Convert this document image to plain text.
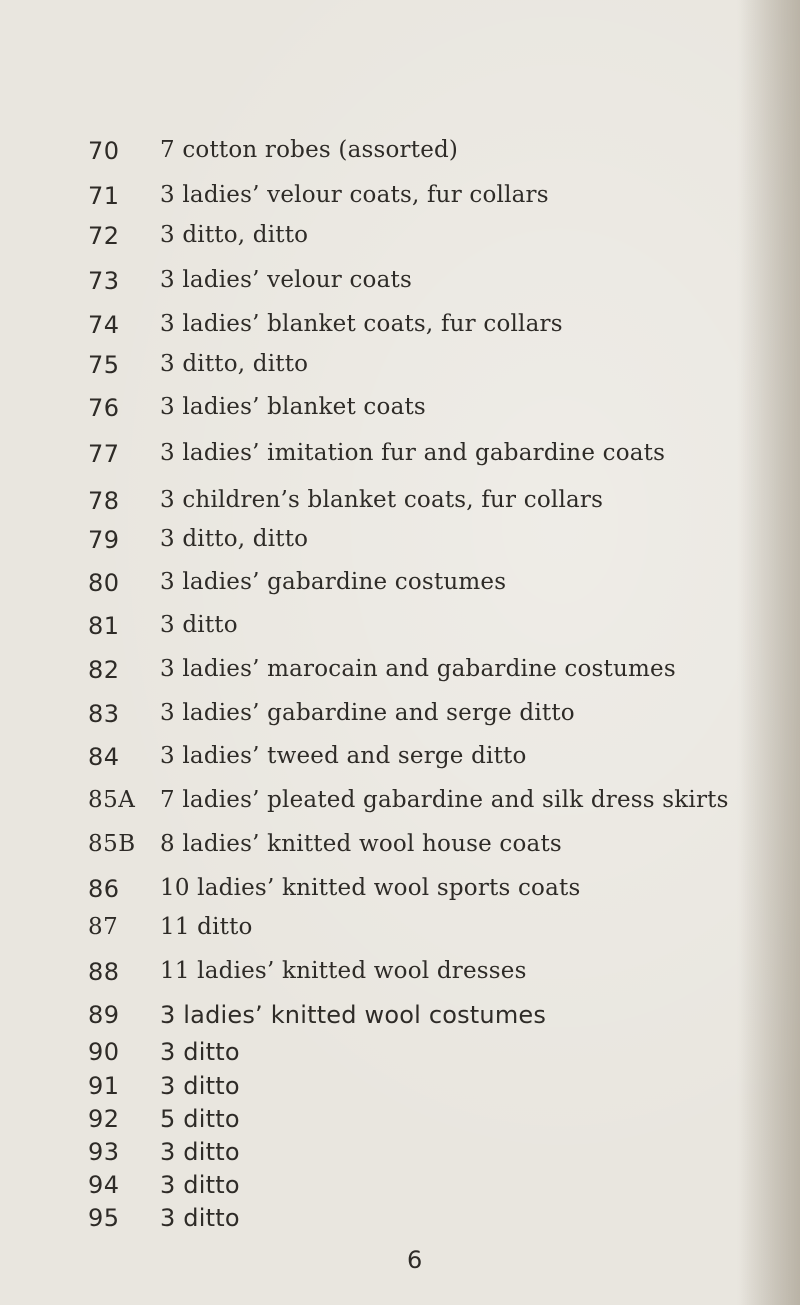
70 7 cotton robes (assorted)
71 3 ladies’ velour coats, fur collars
72 3 ditto, ditto
73 3 ladies’ velour coats
74 3 ladies’ blanket coats, fur collars
75 3 ditto, ditto
76 3 ladies’ blanket coats
77 3 ladies’ imitation fur and gabardine coats
78 3 children’s blanket coats, fur collars
79 3 ditto, ditto
80 3 ladies’ gabardine costumes
81 3 ditto
82 3 ladies’ marocain and gabardine costumes
83 3 ladies’ gabardine and serge ditto
84 3 ladies’ tweed and serge ditto
85A 7 ladies’ pleated gabardine and silk dress skirts
85B 8 ladies’ knitted wool house coats
86 10 ladies’ knitted wool sports coats
87 11 ditto
88 11 ladies’ knitted wool dresses
89 3 ladies’ knitted wool costumes
90 3 ditto
91 3 ditto
92 5 ditto
93 3 ditto
94 3 ditto
95 3 ditto
6
